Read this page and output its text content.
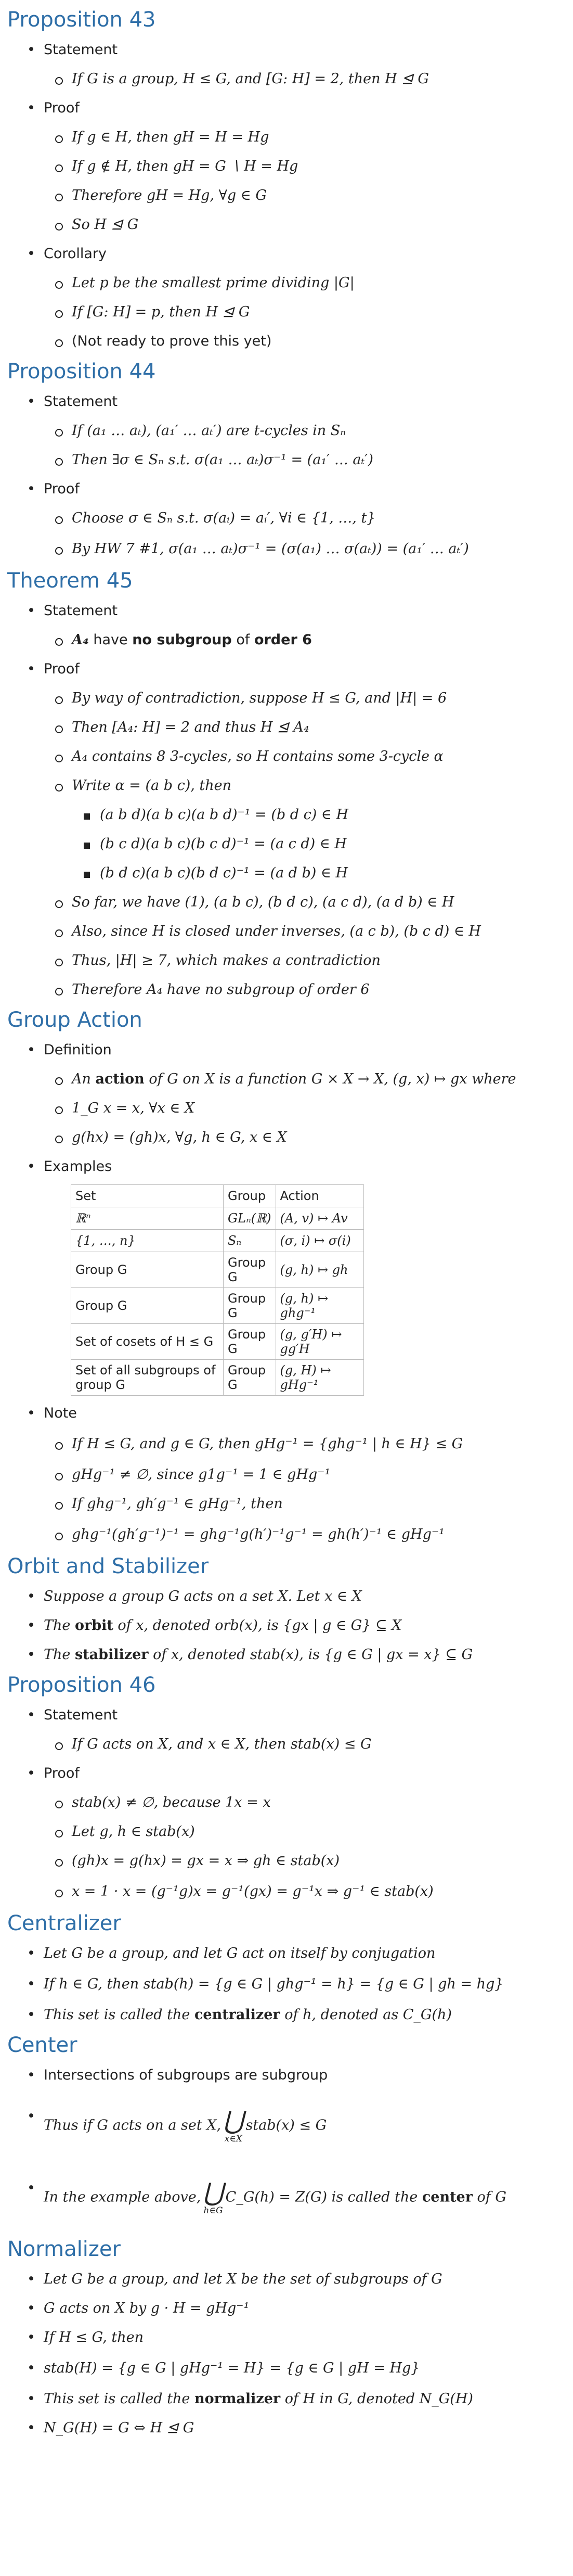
Proposition 43
• Statement
If G is a group, H ≤ G, and [G: H] = 2, then H ⊴ G
• Proof
If g ∈ H, then gH = H = Hg
If g ∉ H, then gH = G ∖ H = Hg
Therefore gH = Hg, ∀g ∈ G
So H ⊴ G
• Corollary
Let p be the smallest prime dividing |G|
If [G: H] = p, then H ⊴ G
(Not ready to prove this yet)
Proposition 44
• Statement
If (a₁ … aₜ), (a₁′ … aₜ′) are t-cycles in Sₙ
Then ∃σ ∈ Sₙ s.t. σ(a₁ … aₜ)σ⁻¹ = (a₁′ … aₜ′)
• Proof
Choose σ ∈ Sₙ s.t. σ(aᵢ) = aᵢ′, ∀i ∈ {1, …, t}
By HW 7 #1, σ(a₁ … aₜ)σ⁻¹ = (σ(a₁) … σ(aₜ)) = (a₁′ … aₜ′)
Theorem 45
• Statement
A₄ have no subgroup of order 6
• Proof
By way of contradiction, suppose H ≤ G, and |H| = 6
Then [A₄: H] = 2 and thus H ⊴ A₄
A₄ contains 8 3-cycles, so H contains some 3-cycle α
Write α = (a b c), then
(a b d)(a b c)(a b d)⁻¹ = (b d c) ∈ H
(b c d)(a b c)(b c d)⁻¹ = (a c d) ∈ H
(b d c)(a b c)(b d c)⁻¹ = (a d b) ∈ H
So far, we have (1), (a b c), (b d c), (a c d), (a d b) ∈ H
Also, since H is closed under inverses, (a c b), (b c d) ∈ H
Thus, |H| ≥ 7, which makes a contradiction
Therefore A₄ have no subgroup of order 6
Group Action
• Definition
An action of G on X is a function G × X → X, (g, x) ↦ gx where
1_G x = x, ∀x ∈ X
g(hx) = (gh)x, ∀g, h ∈ G, x ∈ X
• Examples
Set	Group	Action
ℝⁿ	GLₙ(ℝ)	(A, v) ↦ Av
{1, …, n}	Sₙ	(σ, i) ↦ σ(i)
Group G	Group G	(g, h) ↦ gh
Group G	Group G	(g, h) ↦ ghg⁻¹
Set of cosets of H ≤ G	Group G	(g, g′H) ↦ gg′H
Set of all subgroups of group G	Group G	(g, H) ↦ gHg⁻¹
• Note
If H ≤ G, and g ∈ G, then gHg⁻¹ = {ghg⁻¹ | h ∈ H} ≤ G
gHg⁻¹ ≠ ∅, since g1g⁻¹ = 1 ∈ gHg⁻¹
If ghg⁻¹, gh′g⁻¹ ∈ gHg⁻¹, then
ghg⁻¹(gh′g⁻¹)⁻¹ = ghg⁻¹g(h′)⁻¹g⁻¹ = gh(h′)⁻¹ ∈ gHg⁻¹
Orbit and Stabilizer
• Suppose a group G acts on a set X. Let x ∈ X
• The orbit of x, denoted orb(x), is {gx | g ∈ G} ⊆ X
• The stabilizer of x, denoted stab(x), is {g ∈ G | gx = x} ⊆ G
Proposition 46
• Statement
If G acts on X, and x ∈ X, then stab(x) ≤ G
• Proof
stab(x) ≠ ∅, because 1x = x
Let g, h ∈ stab(x)
(gh)x = g(hx) = gx = x ⇒ gh ∈ stab(x)
x = 1 · x = (g⁻¹g)x = g⁻¹(gx) = g⁻¹x ⇒ g⁻¹ ∈ stab(x)
Centralizer
• Let G be a group, and let G act on itself by conjugation
• If h ∈ G, then stab(h) = {g ∈ G | ghg⁻¹ = h} = {g ∈ G | gh = hg}
• This set is called the centralizer of h, denoted as C_G(h)
Center
• Intersections of subgroups are subgroup
• Thus if G acts on a set X, ⋃
x∈X
stab(x) ≤ G
• In the example above, ⋃
h∈G
C_G(h) = Z(G) is called the center of G
Normalizer
• Let G be a group, and let X be the set of subgroups of G
• G acts on X by g · H = gHg⁻¹
• If H ≤ G, then
• stab(H) = {g ∈ G | gHg⁻¹ = H} = {g ∈ G | gH = Hg}
• This set is called the normalizer of H in G, denoted N_G(H)
• N_G(H) = G ⇔ H ⊴ G
